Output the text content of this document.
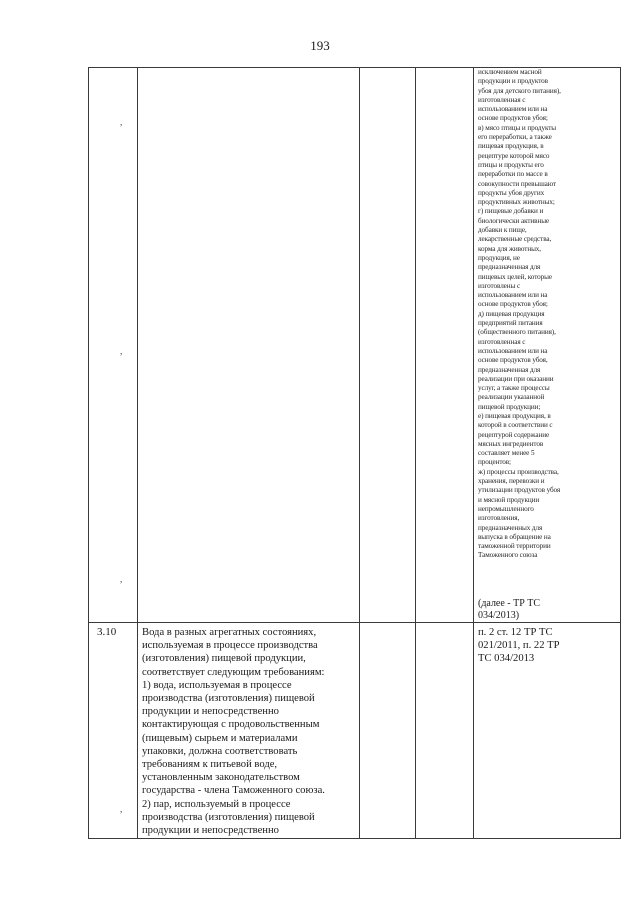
193
,
,
,
,
исключением масной
продукции и продуктов
убоя для детского питания),
изготовленная с
использованием или на
основе продуктов убоя;
в) мясо птицы и продукты
его переработки, а также
пищевая продукция, в
рецептуре которой мясо
птицы и продукты его
переработки по массе в
совокупности превышают
продукты убоя других
продуктивных животных;
г) пищевые добавки и
биологически активные
добавки к пище,
лекарственные средства,
корма для животных,
продукция, не
предназначенная для
пищевых целей, которые
изготовлены с
использованием или на
основе продуктов убоя;
д) пищевая продукция
предприятий питания
(общественного питания),
изготовленная с
использованием или на
основе продуктов убоя,
предназначенная для
реализации при оказании
услуг, а также процессы
реализации указанной
пищевой продукции;
е) пищевая продукция, в
которой в соответствии с
рецептурой содержание
мясных ингредиентов
составляет менее 5
процентов;
ж) процессы производства,
хранения, перевозки и
утилизации продуктов убоя
и мясной продукции
непромышленного
изготовления,
предназначенных для
выпуска в обращение на
таможенной территории
Таможенного союза
(далее - ТР ТС
034/2013)
3.10 Вода в разных агрегатных состояниях,
используемая в процессе производства
(изготовления) пищевой продукции,
соответствует следующим требованиям:
1) вода, используемая в процессе
производства (изготовления) пищевой
продукции и непосредственно
контактирующая с продовольственным
(пищевым) сырьем и материалами
упаковки, должна соответствовать
требованиям к питьевой воде,
установленным законодательством
государства - члена Таможенного союза.
2) пар, используемый в процессе
производства (изготовления) пищевой
продукции и непосредственно
п. 2 ст. 12 ТР ТС
021/2011, п. 22 ТР
ТС 034/2013
